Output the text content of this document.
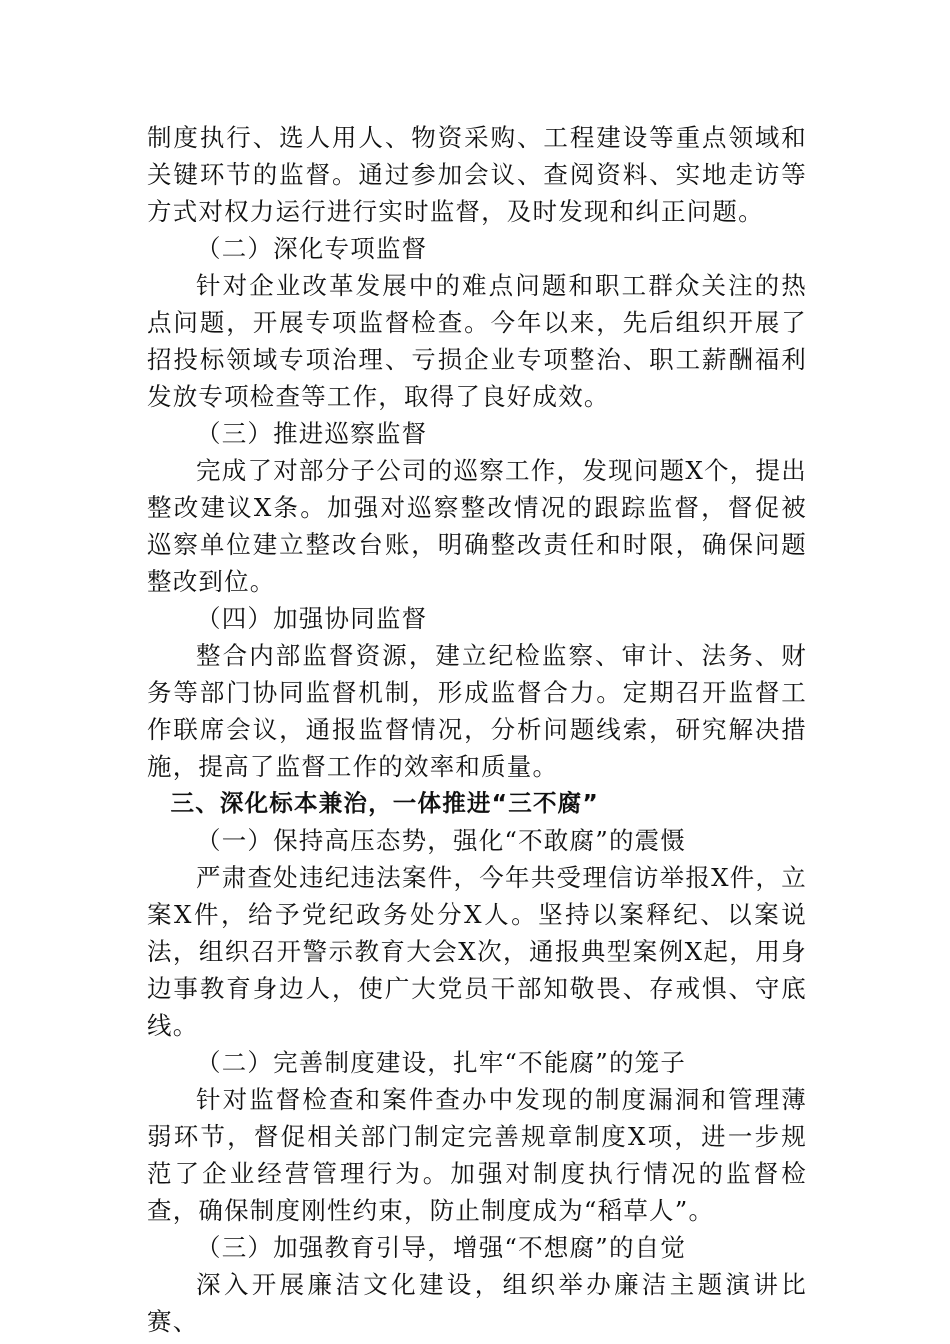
制度执行、选人用人、物资采购、工程建设等重点领域和关键环节的监督。通过参加会议、查阅资料、实地走访等方式对权力运行进行实时监督，及时发现和纠正问题。

（二）深化专项监督

针对企业改革发展中的难点问题和职工群众关注的热点问题，开展专项监督检查。今年以来，先后组织开展了招投标领域专项治理、亏损企业专项整治、职工薪酬福利发放专项检查等工作，取得了良好成效。

（三）推进巡察监督

完成了对部分子公司的巡察工作，发现问题X个，提出整改建议X条。加强对巡察整改情况的跟踪监督，督促被巡察单位建立整改台账，明确整改责任和时限，确保问题整改到位。

（四）加强协同监督

整合内部监督资源，建立纪检监察、审计、法务、财务等部门协同监督机制，形成监督合力。定期召开监督工作联席会议，通报监督情况，分析问题线索，研究解决措施，提高了监督工作的效率和质量。

三、深化标本兼治，一体推进“三不腐”

（一）保持高压态势，强化“不敢腐”的震慑

严肃查处违纪违法案件，今年共受理信访举报X件，立案X件，给予党纪政务处分X人。坚持以案释纪、以案说法，组织召开警示教育大会X次，通报典型案例X起，用身边事教育身边人，使广大党员干部知敬畏、存戒惧、守底线。

（二）完善制度建设，扎牢“不能腐”的笼子

针对监督检查和案件查办中发现的制度漏洞和管理薄弱环节，督促相关部门制定完善规章制度X项，进一步规范了企业经营管理行为。加强对制度执行情况的监督检查，确保制度刚性约束，防止制度成为“稻草人”。

（三）加强教育引导，增强“不想腐”的自觉

深入开展廉洁文化建设，组织举办廉洁主题演讲比赛、
